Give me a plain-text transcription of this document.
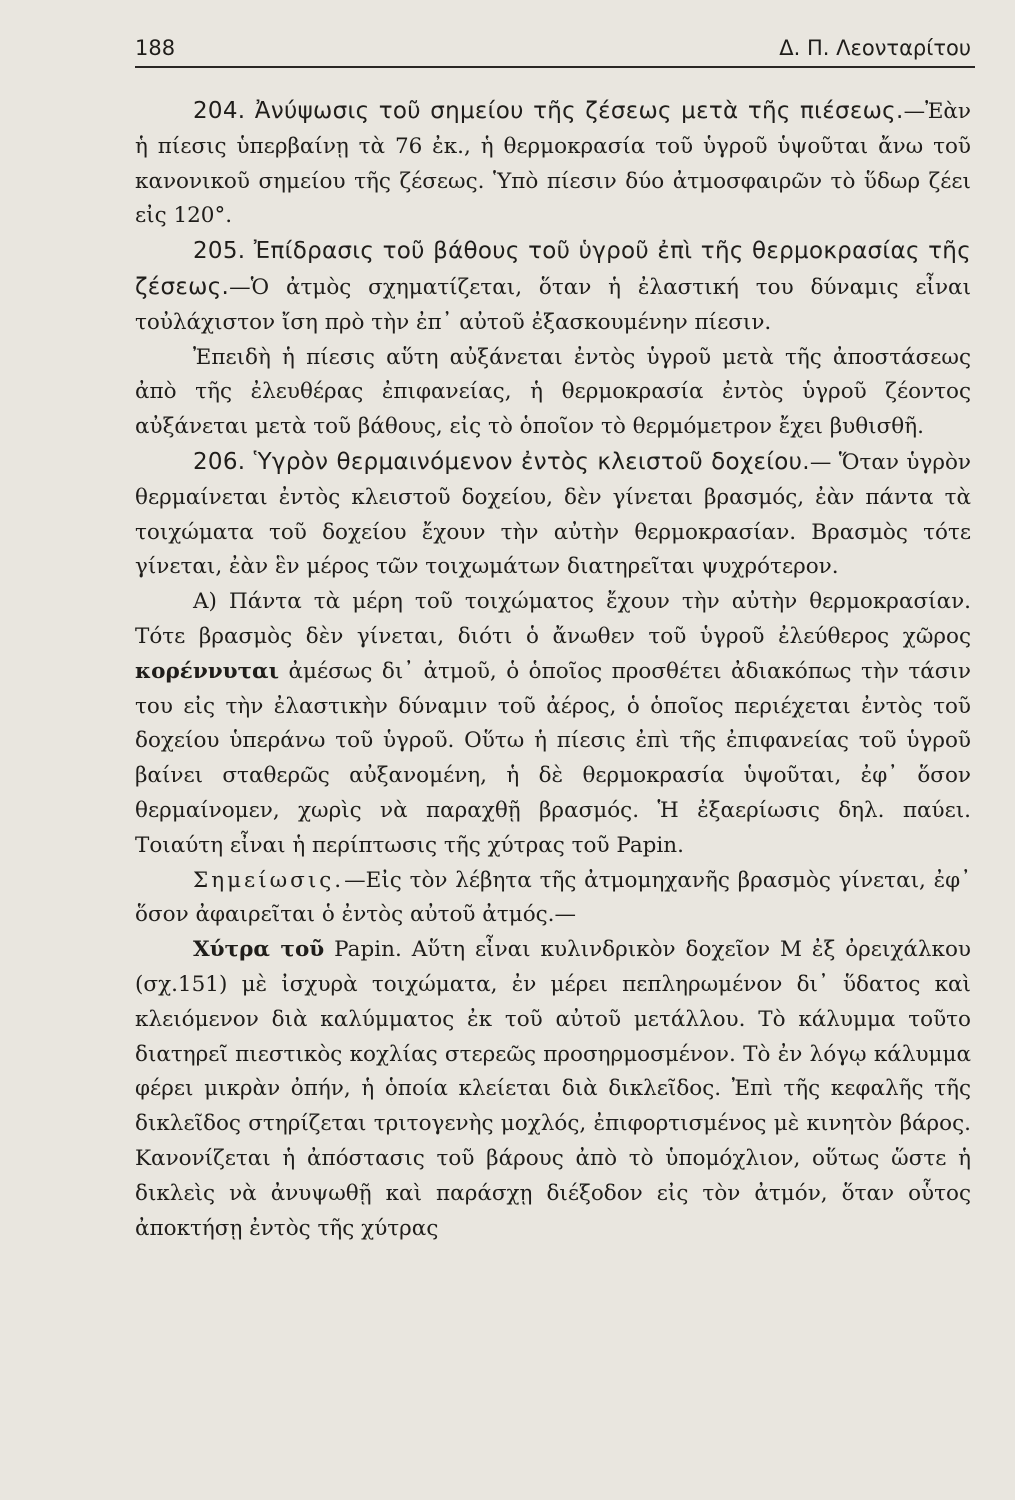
188	Δ. Π. Λεονταρίτου

204. Ἀνύψωσις τοῦ σημείου τῆς ζέσεως μετὰ τῆς πιέσεως.—Ἐὰν ἡ πίεσις ὑπερβαίνῃ τὰ 76 ἐκ., ἡ θερμοκρασία τοῦ ὑγροῦ ὑψοῦται ἄνω τοῦ κανονικοῦ σημείου τῆς ζέσεως. Ὑπὸ πίεσιν δύο ἀτμοσφαιρῶν τὸ ὕδωρ ζέει εἰς 120°.

205. Ἐπίδρασις τοῦ βάθους τοῦ ὑγροῦ ἐπὶ τῆς θερμοκρασίας τῆς ζέσεως.—Ὁ ἀτμὸς σχηματίζεται, ὅταν ἡ ἐλαστική του δύναμις εἶναι τοὐλάχιστον ἴση πρὸ τὴν ἐπ᾿ αὐτοῦ ἐξασκουμένην πίεσιν.

Ἐπειδὴ ἡ πίεσις αὕτη αὐξάνεται ἐντὸς ὑγροῦ μετὰ τῆς ἀποστάσεως ἀπὸ τῆς ἐλευθέρας ἐπιφανείας, ἡ θερμοκρασία ἐντὸς ὑγροῦ ζέοντος αὐξάνεται μετὰ τοῦ βάθους, εἰς τὸ ὁποῖον τὸ θερμόμετρον ἔχει βυθισθῆ.

206. Ὑγρὸν θερμαινόμενον ἐντὸς κλειστοῦ δοχείου.— Ὅταν ὑγρὸν θερμαίνεται ἐντὸς κλειστοῦ δοχείου, δὲν γίνεται βρασμός, ἐὰν πάντα τὰ τοιχώματα τοῦ δοχείου ἔχουν τὴν αὐτὴν θερμοκρασίαν. Βρασμὸς τότε γίνεται, ἐὰν ἓν μέρος τῶν τοιχωμάτων διατηρεῖται ψυχρότερον.

Α) Πάντα τὰ μέρη τοῦ τοιχώματος ἔχουν τὴν αὐτὴν θερμοκρασίαν. Τότε βρασμὸς δὲν γίνεται, διότι ὁ ἄνωθεν τοῦ ὑγροῦ ἐλεύθερος χῶρος κορέννυται ἀμέσως δι᾿ ἀτμοῦ, ὁ ὁποῖος προσθέτει ἀδιακόπως τὴν τάσιν του εἰς τὴν ἐλαστικὴν δύναμιν τοῦ ἀέρος, ὁ ὁποῖος περιέχεται ἐντὸς τοῦ δοχείου ὑπεράνω τοῦ ὑγροῦ. Οὕτω ἡ πίεσις ἐπὶ τῆς ἐπιφανείας τοῦ ὑγροῦ βαίνει σταθερῶς αὐξανομένη, ἡ δὲ θερμοκρασία ὑψοῦται, ἐφ᾿ ὅσον θερμαίνομεν, χωρὶς νὰ παραχθῇ βρασμός. Ἡ ἐξαερίωσις δηλ. παύει. Τοιαύτη εἶναι ἡ περίπτωσις τῆς χύτρας τοῦ Papin.

Σημείωσις.—Εἰς τὸν λέβητα τῆς ἀτμομηχανῆς βρασμὸς γίνεται, ἐφ᾿ ὅσον ἀφαιρεῖται ὁ ἐντὸς αὐτοῦ ἀτμός.—

Χύτρα τοῦ Papin. Αὕτη εἶναι κυλινδρικὸν δοχεῖον Μ ἐξ ὀρειχάλκου (σχ.151) μὲ ἰσχυρὰ τοιχώματα, ἐν μέρει πεπληρωμένον δι᾿ ὕδατος καὶ κλειόμενον διὰ καλύμματος ἐκ τοῦ αὐτοῦ μετάλλου. Τὸ κάλυμμα τοῦτο διατηρεῖ πιεστικὸς κοχλίας στερεῶς προσηρμοσμένον. Τὸ ἐν λόγῳ κάλυμμα φέρει μικρὰν ὀπήν, ἡ ὁποία κλείεται διὰ δικλεῖδος. Ἐπὶ τῆς κεφαλῆς τῆς δικλεῖδος στηρίζεται τριτογενὴς μοχλός, ἐπιφορτισμένος μὲ κινητὸν βάρος. Κανονίζεται ἡ ἀπόστασις τοῦ βάρους ἀπὸ τὸ ὑπομόχλιον, οὕτως ὥστε ἡ δικλεὶς νὰ ἀνυψωθῇ καὶ παράσχῃ διέξοδον εἰς τὸν ἀτμόν, ὅταν οὗτος ἀποκτήσῃ ἐντὸς τῆς χύτρας
